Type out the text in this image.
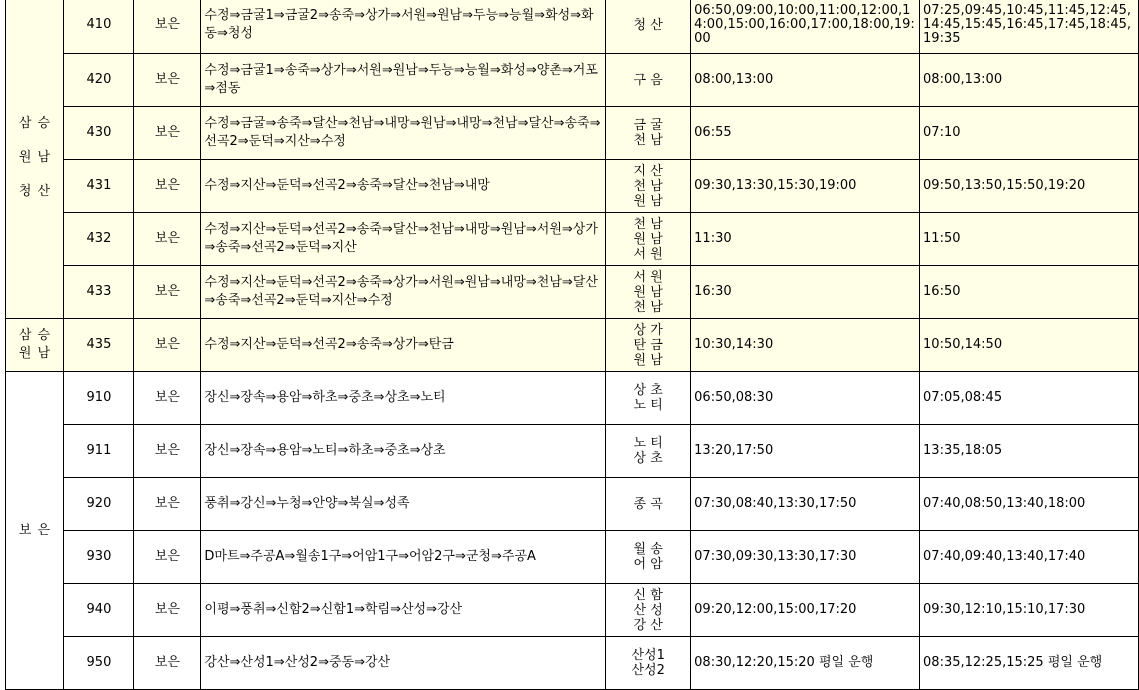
	삼 승
원 남
청 산	410	보은	수정⇒금굴1⇒금굴2⇒송죽⇒상가⇒서원⇒원남⇒두능⇒능월⇒화성⇒화동⇒청성	청 산	06:50,09:00,10:00,11:00,12:00,14:00,15:00,16:00,17:00,18:00,19:00	07:25,09:45,10:45,11:45,12:45,14:45,15:45,16:45,17:45,18:45,19:35
		420	보은	수정⇒금굴1⇒송죽⇒상가⇒서원⇒원남⇒두능⇒능월⇒화성⇒양촌⇒거포⇒점동	구 음	08:00,13:00	08:00,13:00
		430	보은	수정⇒금굴⇒송죽⇒달산⇒천남⇒내망⇒원남⇒내망⇒천남⇒달산⇒송죽⇒선곡2⇒둔덕⇒지산⇒수정	금 굴
천 남	06:55	07:10
		431	보은	수정⇒지산⇒둔덕⇒선곡2⇒송죽⇒달산⇒천남⇒내망	지 산
천 남
원 남	09:30,13:30,15:30,19:00	09:50,13:50,15:50,19:20
		432	보은	수정⇒지산⇒둔덕⇒선곡2⇒송죽⇒달산⇒천남⇒내망⇒원남⇒서원⇒상가⇒송죽⇒선곡2⇒둔덕⇒지산	천 남
원 남
서 원	11:30	11:50
		433	보은	수정⇒지산⇒둔덕⇒선곡2⇒송죽⇒상가⇒서원⇒원남⇒내망⇒천남⇒달산⇒송죽⇒선곡2⇒둔덕⇒지산⇒수정	서 원
원 남
천 남	16:30	16:50

	삼 승
원 남	435	보은	수정⇒지산⇒둔덕⇒선곡2⇒송죽⇒상가⇒탄금	상 가
탄 금
원 남	10:30,14:30	10:50,14:50

	보 은	910	보은	장신⇒장속⇒용암⇒하초⇒중초⇒상초⇒노티	상 초
노 티	06:50,08:30	07:05,08:45
		911	보은	장신⇒장속⇒용암⇒노티⇒하초⇒중초⇒상초	노 티
상 초	13:20,17:50	13:35,18:05
		920	보은	풍취⇒강신⇒누청⇒안양⇒북실⇒성족	종 곡	07:30,08:40,13:30,17:50	07:40,08:50,13:40,18:00
		930	보은	D마트⇒주공A⇒월송1구⇒어암1구⇒어암2구⇒군청⇒주공A	월 송
어 암	07:30,09:30,13:30,17:30	07:40,09:40,13:40,17:40
		940	보은	이평⇒풍취⇒신함2⇒신함1⇒학림⇒산성⇒강산	신 함
산 성
강 산	09:20,12:00,15:00,17:20	09:30,12:10,15:10,17:30
		950	보은	강산⇒산성1⇒산성2⇒중동⇒강산	산성1
산성2	08:30,12:20,15:20 평일 운행	08:35,12:25,15:25 평일 운행
